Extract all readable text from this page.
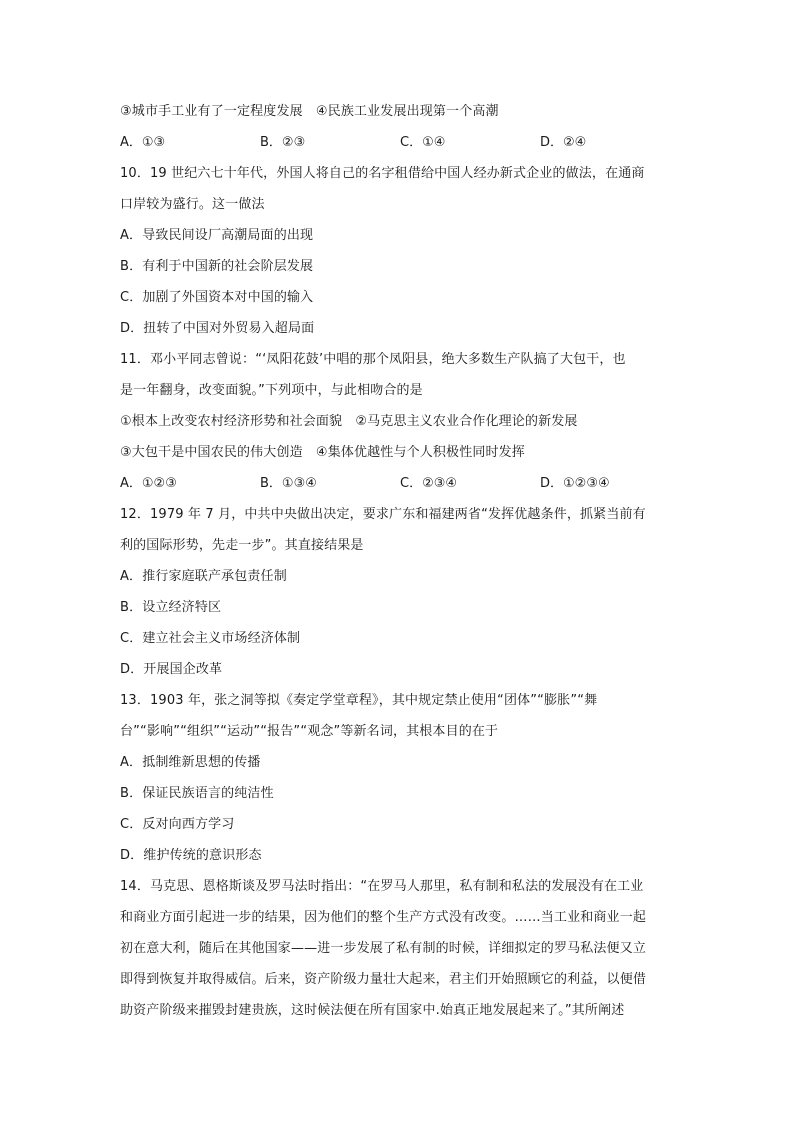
③城市手工业有了一定程度发展　④民族工业发展出现第一个高潮
A．①③	B．②③	C．①④	D．②④
10．19 世纪六七十年代，外国人将自己的名字租借给中国人经办新式企业的做法，在通商
口岸较为盛行。这一做法
A．导致民间设厂高潮局面的出现
B．有利于中国新的社会阶层发展
C．加剧了外国资本对中国的输入
D．扭转了中国对外贸易入超局面
11．邓小平同志曾说：“‘凤阳花鼓’中唱的那个凤阳县，绝大多数生产队搞了大包干，也
是一年翻身，改变面貌。”下列项中，与此相吻合的是
①根本上改变农村经济形势和社会面貌　②马克思主义农业合作化理论的新发展
③大包干是中国农民的伟大创造　④集体优越性与个人积极性同时发挥
A．①②③	B．①③④	C．②③④	D．①②③④
12．1979 年 7 月，中共中央做出决定，要求广东和福建两省“发挥优越条件，抓紧当前有
利的国际形势，先走一步”。其直接结果是
A．推行家庭联产承包责任制
B．设立经济特区
C．建立社会主义市场经济体制
D．开展国企改革
13．1903 年，张之洞等拟《奏定学堂章程》，其中规定禁止使用“团体”“膨胀”“舞
台”“影响”“组织”“运动”“报告”“观念”等新名词，其根本目的在于
A．抵制维新思想的传播
B．保证民族语言的纯洁性
C．反对向西方学习
D．维护传统的意识形态
14．马克思、恩格斯谈及罗马法时指出：“在罗马人那里，私有制和私法的发展没有在工业
和商业方面引起进一步的结果，因为他们的整个生产方式没有改变。……当工业和商业一起
初在意大利，随后在其他国家——进一步发展了私有制的时候，详细拟定的罗马私法便又立
即得到恢复并取得威信。后来，资产阶级力量壮大起来，君主们开始照顾它的利益，以便借
助资产阶级来摧毁封建贵族，这时候法便在所有国家中.始真正地发展起来了。”其所阐述
